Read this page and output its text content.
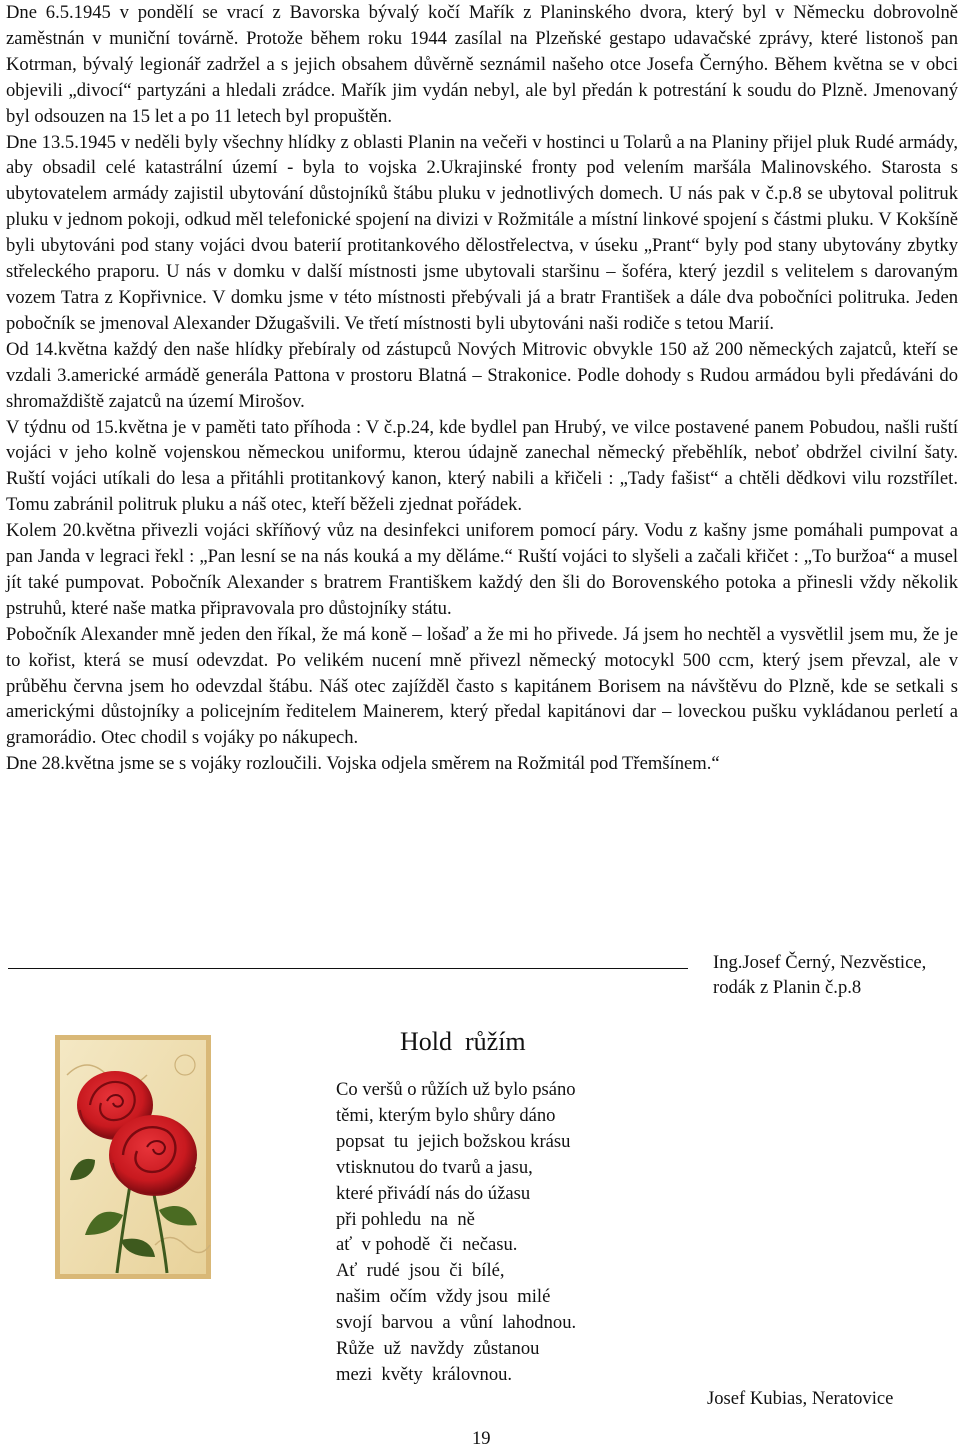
Dne 6.5.1945 v pondělí se vrací z Bavorska bývalý kočí Mařík z Planinského dvora, který byl v Německu dobrovolně zaměstnán v muniční továrně. Protože během roku 1944 zasílal na Plzeňské gestapo udavačské zprávy, které listonoš pan Kotrman, bývalý legionář zadržel a s jejich obsahem důvěrně seznámil našeho otce Josefa Černýho. Během května se v obci objevili „divocí“ partyzáni a hledali zrádce. Mařík jim vydán nebyl, ale byl předán k potrestání k soudu do Plzně. Jmenovaný byl odsouzen na 15 let a po 11 letech byl propuštěn.

Dne 13.5.1945 v neděli byly všechny hlídky z oblasti Planin na večeři v hostinci u Tolarů a na Planiny přijel pluk Rudé armády, aby obsadil celé katastrální území - byla to vojska 2.Ukrajinské fronty pod velením maršála Malinovského. Starosta s ubytovatelem armády zajistil ubytování důstojníků štábu pluku v jednotlivých domech. U nás pak v č.p.8 se ubytoval politruk pluku v jednom pokoji, odkud měl telefonické spojení na divizi v Rožmitále a místní linkové spojení s částmi pluku. V Kokšíně byli ubytováni pod stany vojáci dvou baterií protitankového dělostřelectva, v úseku „Prant“ byly pod stany ubytovány zbytky střeleckého praporu. U nás v domku v další místnosti jsme ubytovali staršinu – šoféra, který jezdil s velitelem s darovaným vozem Tatra z Kopřivnice. V domku jsme v této místnosti přebývali já a bratr František a dále dva pobočníci politruka. Jeden pobočník se jmenoval Alexander Džugašvili. Ve třetí místnosti byli ubytováni naši rodiče s tetou Marií.

Od 14.května každý den naše hlídky přebíraly od zástupců Nových Mitrovic obvykle 150 až 200 německých zajatců, kteří se vzdali 3.americké armádě generála Pattona v prostoru Blatná – Strakonice. Podle dohody s Rudou armádou byli předáváni do shromaždiště zajatců na území Mirošov.

V týdnu od 15.května je v paměti tato příhoda : V č.p.24, kde bydlel pan Hrubý, ve vilce postavené panem Pobudou, našli ruští vojáci v jeho kolně vojenskou německou uniformu, kterou údajně zanechal německý přeběhlík, neboť obdržel civilní šaty. Ruští vojáci utíkali do lesa a přitáhli protitankový kanon, který nabili a křičeli : „Tady fašist“ a chtěli dědkovi vilu rozstřílet. Tomu zabránil politruk pluku a náš otec, kteří běželi zjednat pořádek.

Kolem 20.května přivezli vojáci skříňový vůz na desinfekci uniforem pomocí páry. Vodu z kašny jsme pomáhali pumpovat a pan Janda v legraci řekl : „Pan lesní se na nás kouká a my děláme.“ Ruští vojáci to slyšeli a začali křičet : „To buržoa“ a musel jít také pumpovat. Pobočník Alexander s bratrem Františkem každý den šli do Borovenského potoka a přinesli vždy několik pstruhů, které naše matka připravovala pro důstojníky státu.

Pobočník Alexander mně jeden den říkal, že má koně – lošaď a že mi ho přivede. Já jsem ho nechtěl a vysvětlil jsem mu, že je to kořist, která se musí odevzdat. Po velikém nucení mně přivezl německý motocykl 500 ccm, který jsem převzal, ale v průběhu června jsem ho odevzdal štábu. Náš otec zajížděl často s kapitánem Borisem na návštěvu do Plzně, kde se setkali s americkými důstojníky a policejním ředitelem Mainerem, který předal kapitánovi dar – loveckou pušku vykládanou perletí a gramorádio. Otec chodil s vojáky po nákupech.

Dne 28.května jsme se s vojáky rozloučili. Vojska odjela směrem na Rožmitál pod Třemšínem.“

Ing.Josef Černý, Nezvěstice,
rodák z Planin č.p.8
Hold  růžím
Co veršů o růžích už bylo psáno
těmi, kterým bylo shůry dáno
popsat  tu  jejich božskou krásu
vtisknutou do tvarů a jasu,
které přivádí nás do úžasu
při pohledu  na  ně
ať  v pohodě  či  nečasu.
Ať  rudé  jsou  či  bílé,
našim  očím  vždy jsou  milé
svojí  barvou  a  vůní  lahodnou.
Růže  už  navždy  zůstanou
mezi  květy  královnou.
Josef Kubias, Neratovice
19
